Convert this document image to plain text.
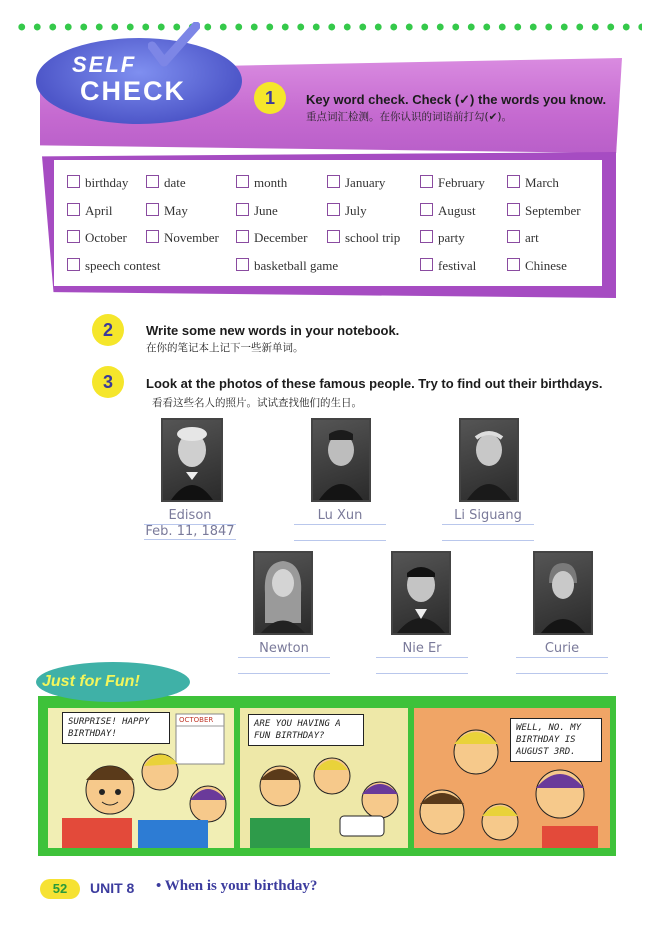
SELF
CHECK	1	Key word check. Check (✓) the words you know.
重点词汇检测。在你认识的词语前打勾(✔)。
birthday	date	month	January	February	March
April	May	June	July	August	September
October	November	December	school trip	party	art
speech contest	basketball game	festival	Chinese
2	Write some new words in your notebook.
在你的笔记本上记下一些新单词。
3	Look at the photos of these famous people. Try to find out their birthdays. 看看这些名人的照片。试试查找他们的生日。
Edison
Feb. 11, 1847
Lu Xun	Li Siguang
Newton	Nie Er	Curie
Just for Fun!
SURPRISE! HAPPY BIRTHDAY!
OCTOBER	ARE YOU HAVING A FUN BIRTHDAY?
WELL, NO. MY BIRTHDAY IS AUGUST 3RD.
52	UNIT 8 • When is your birthday?
